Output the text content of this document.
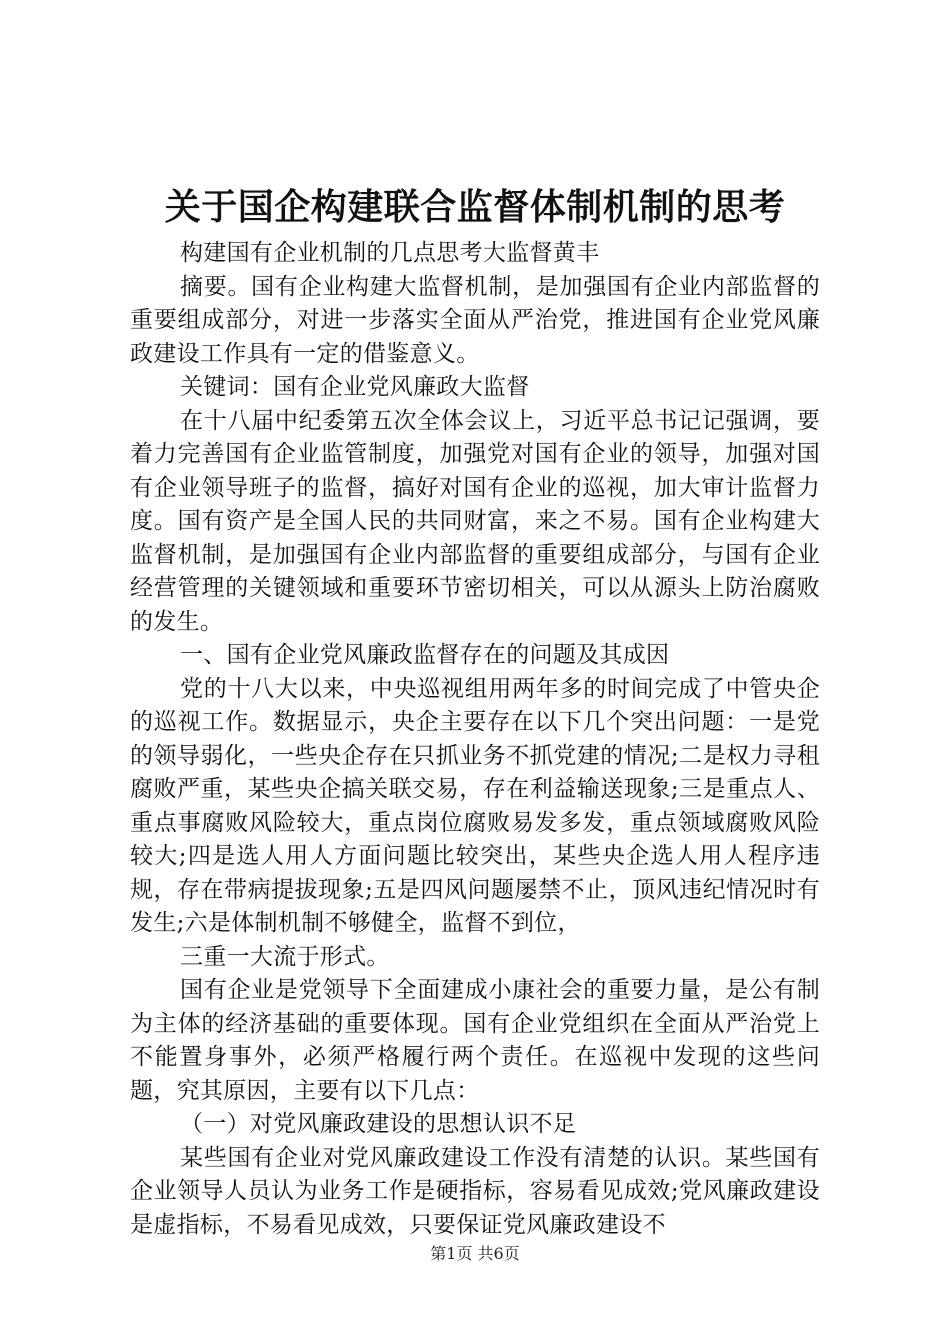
关于国企构建联合监督体制机制的思考

构建国有企业机制的几点思考大监督黄丰

摘要。国有企业构建大监督机制，是加强国有企业内部监督的重要组成部分，对进一步落实全面从严治党，推进国有企业党风廉政建设工作具有一定的借鉴意义。

关键词：国有企业党风廉政大监督

在十八届中纪委第五次全体会议上，习近平总书记记强调，要着力完善国有企业监管制度，加强党对国有企业的领导，加强对国有企业领导班子的监督，搞好对国有企业的巡视，加大审计监督力度。国有资产是全国人民的共同财富，来之不易。国有企业构建大监督机制，是加强国有企业内部监督的重要组成部分，与国有企业经营管理的关键领域和重要环节密切相关，可以从源头上防治腐败的发生。

一、国有企业党风廉政监督存在的问题及其成因

党的十八大以来，中央巡视组用两年多的时间完成了中管央企的巡视工作。数据显示，央企主要存在以下几个突出问题：一是党的领导弱化，一些央企存在只抓业务不抓党建的情况;二是权力寻租腐败严重，某些央企搞关联交易，存在利益输送现象;三是重点人、重点事腐败风险较大，重点岗位腐败易发多发，重点领域腐败风险较大;四是选人用人方面问题比较突出，某些央企选人用人程序违规，存在带病提拔现象;五是四风问题屡禁不止，顶风违纪情况时有发生;六是体制机制不够健全，监督不到位，

三重一大流于形式。

国有企业是党领导下全面建成小康社会的重要力量，是公有制为主体的经济基础的重要体现。国有企业党组织在全面从严治党上不能置身事外，必须严格履行两个责任。在巡视中发现的这些问题，究其原因，主要有以下几点：

（一）对党风廉政建设的思想认识不足

某些国有企业对党风廉政建设工作没有清楚的认识。某些国有企业领导人员认为业务工作是硬指标，容易看见成效;党风廉政建设是虚指标，不易看见成效，只要保证党风廉政建设不

第1页 共6页
